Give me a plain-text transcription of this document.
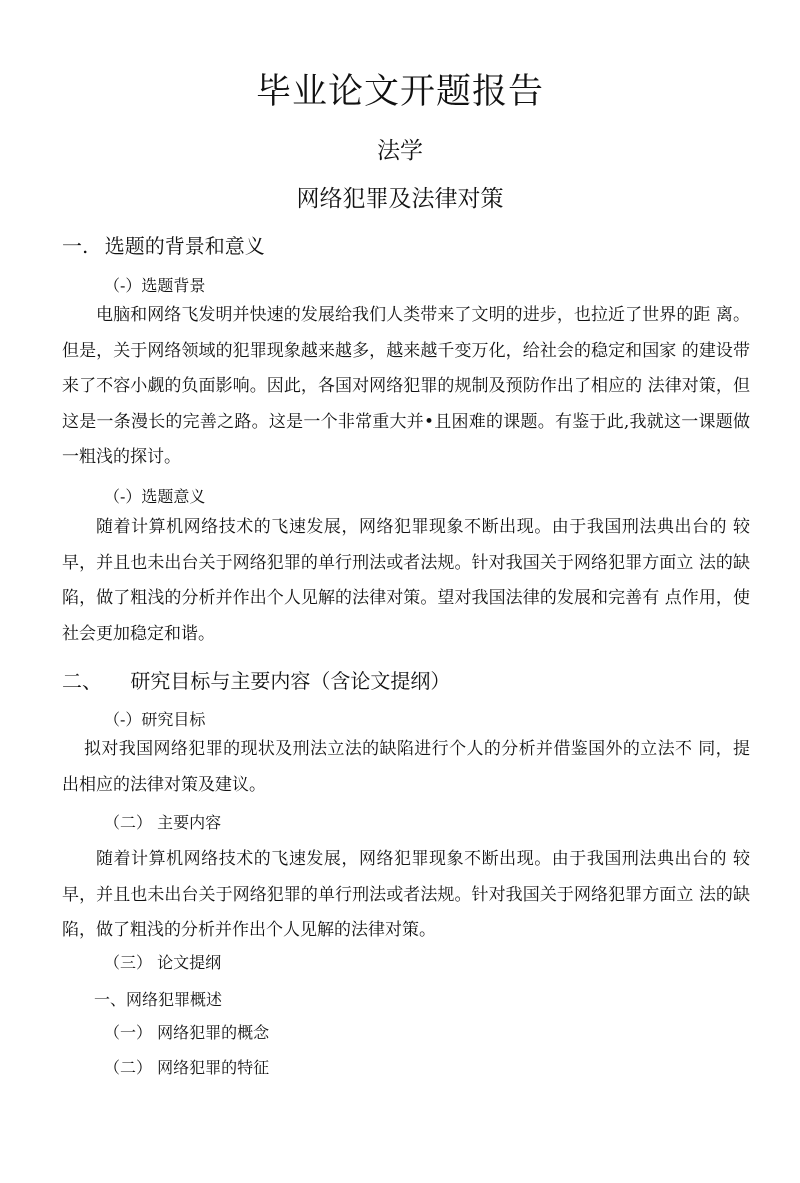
毕业论文开题报告
法学
网络犯罪及法律对策
一. 选题的背景和意义
（-）选题背景

电脑和网络飞发明并快速的发展给我们人类带来了文明的进步，也拉近了世界的距 离。但是，关于网络领域的犯罪现象越来越多，越来越千变万化，给社会的稳定和国家 的建设带来了不容小觑的负面影响。因此，各国对网络犯罪的规制及预防作出了相应的 法律对策，但这是一条漫长的完善之路。这是一个非常重大并•且困难的课题。有鉴于此,我就这一课题做一粗浅的探讨。

（-）选题意义

随着计算机网络技术的飞速发展，网络犯罪现象不断出现。由于我国刑法典出台的 较早，并且也未出台关于网络犯罪的单行刑法或者法规。针对我国关于网络犯罪方面立 法的缺陷，做了粗浅的分析并作出个人见解的法律对策。望对我国法律的发展和完善有 点作用，使社会更加稳定和谐。

二、 研究目标与主要内容（含论文提纲）
（-）研究目标

拟对我国网络犯罪的现状及刑法立法的缺陷进行个人的分析并借鉴国外的立法不 同，提出相应的法律对策及建议。

（二） 主要内容

随着计算机网络技术的飞速发展，网络犯罪现象不断出现。由于我国刑法典出台的 较早，并且也未出台关于网络犯罪的单行刑法或者法规。针对我国关于网络犯罪方面立 法的缺陷，做了粗浅的分析并作出个人见解的法律对策。

（三） 论文提纲
一、网络犯罪概述
（一） 网络犯罪的概念
（二） 网络犯罪的特征
